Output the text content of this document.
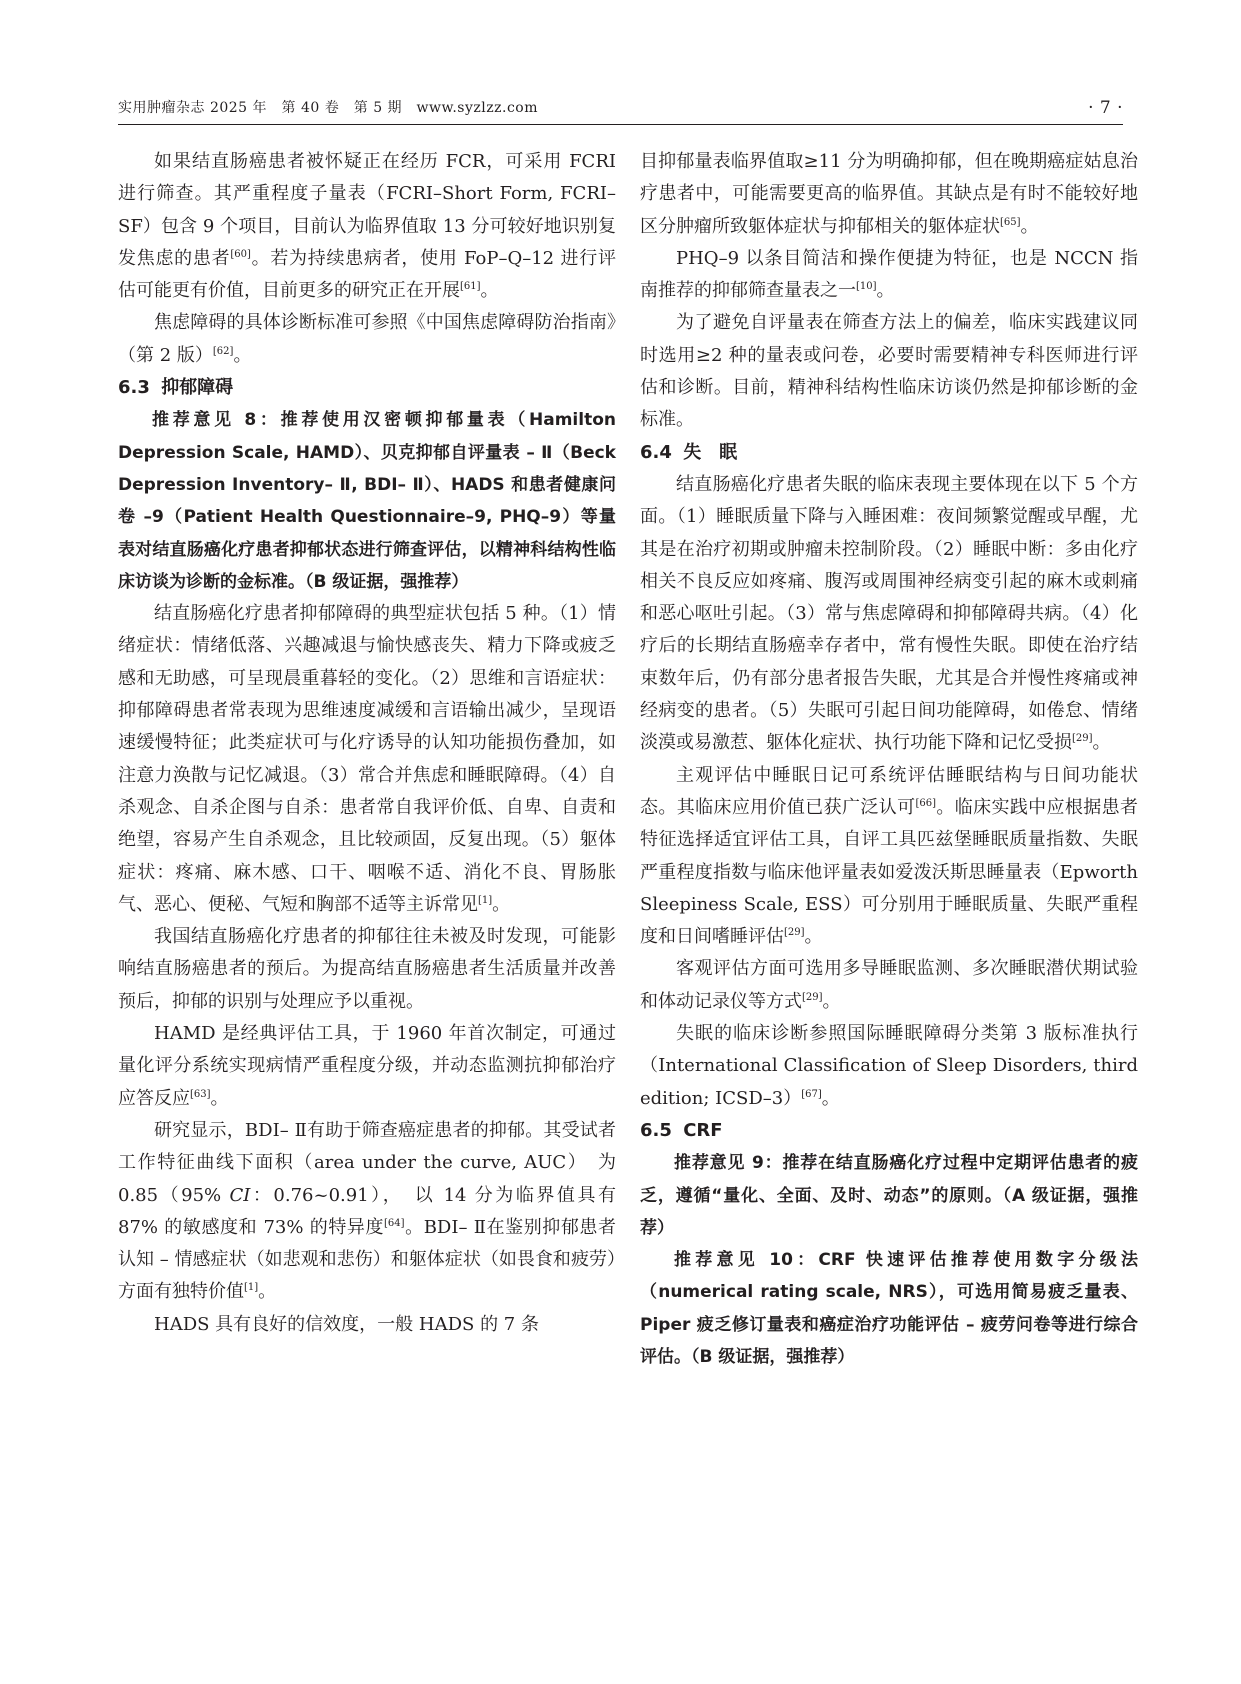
实用肿瘤杂志 2025 年　第 40 卷　第 5 期　www.syzlzz.com	· 7 ·

如果结直肠癌患者被怀疑正在经历 FCR，可采用 FCRI 进行筛查。其严重程度子量表（FCRI–Short Form, FCRI–SF）包含 9 个项目，目前认为临界值取 13 分可较好地识别复发焦虑的患者[60]。若为持续患病者，使用 FoP–Q–12 进行评估可能更有价值，目前更多的研究正在开展[61]。

焦虑障碍的具体诊断标准可参照《中国焦虑障碍防治指南》（第 2 版）[62]。

6.3 抑郁障碍

推荐意见 8：推荐使用汉密顿抑郁量表（Hamilton Depression Scale, HAMD）、贝克抑郁自评量表 – Ⅱ（Beck Depression Inventory– Ⅱ, BDI– Ⅱ）、HADS 和患者健康问卷 –9（Patient Health Questionnaire–9, PHQ–9）等量表对结直肠癌化疗患者抑郁状态进行筛查评估，以精神科结构性临床访谈为诊断的金标准。（B 级证据，强推荐）

结直肠癌化疗患者抑郁障碍的典型症状包括 5 种。（1）情绪症状：情绪低落、兴趣减退与愉快感丧失、精力下降或疲乏感和无助感，可呈现晨重暮轻的变化。（2）思维和言语症状：抑郁障碍患者常表现为思维速度减缓和言语输出减少，呈现语速缓慢特征；此类症状可与化疗诱导的认知功能损伤叠加，如注意力涣散与记忆减退。（3）常合并焦虑和睡眠障碍。（4）自杀观念、自杀企图与自杀：患者常自我评价低、自卑、自责和绝望，容易产生自杀观念，且比较顽固，反复出现。（5）躯体症状：疼痛、麻木感、口干、咽喉不适、消化不良、胃肠胀气、恶心、便秘、气短和胸部不适等主诉常见[1]。

我国结直肠癌化疗患者的抑郁往往未被及时发现，可能影响结直肠癌患者的预后。为提高结直肠癌患者生活质量并改善预后，抑郁的识别与处理应予以重视。

HAMD 是经典评估工具，于 1960 年首次制定，可通过量化评分系统实现病情严重程度分级，并动态监测抗抑郁治疗应答反应[63]。

研究显示，BDI– Ⅱ有助于筛查癌症患者的抑郁。其受试者工作特征曲线下面积（area under the curve, AUC）　为 0.85（95% CI：0.76~0.91），　以 14 分为临界值具有 87% 的敏感度和 73% 的特异度[64]。BDI– Ⅱ在鉴别抑郁患者认知 – 情感症状（如悲观和悲伤）和躯体症状（如畏食和疲劳）方面有独特价值[1]。

HADS 具有良好的信效度，一般 HADS 的 7 条

目抑郁量表临界值取≥11 分为明确抑郁，但在晚期癌症姑息治疗患者中，可能需要更高的临界值。其缺点是有时不能较好地区分肿瘤所致躯体症状与抑郁相关的躯体症状[65]。

PHQ–9 以条目简洁和操作便捷为特征，也是 NCCN 指南推荐的抑郁筛查量表之一[10]。

为了避免自评量表在筛查方法上的偏差，临床实践建议同时选用≥2 种的量表或问卷，必要时需要精神专科医师进行评估和诊断。目前，精神科结构性临床访谈仍然是抑郁诊断的金标准。

6.4 失　眠

结直肠癌化疗患者失眠的临床表现主要体现在以下 5 个方面。（1）睡眠质量下降与入睡困难：夜间频繁觉醒或早醒，尤其是在治疗初期或肿瘤未控制阶段。（2）睡眠中断：多由化疗相关不良反应如疼痛、腹泻或周围神经病变引起的麻木或刺痛和恶心呕吐引起。（3）常与焦虑障碍和抑郁障碍共病。（4）化疗后的长期结直肠癌幸存者中，常有慢性失眠。即使在治疗结束数年后，仍有部分患者报告失眠，尤其是合并慢性疼痛或神经病变的患者。（5）失眠可引起日间功能障碍，如倦怠、情绪淡漠或易激惹、躯体化症状、执行功能下降和记忆受损[29]。

主观评估中睡眠日记可系统评估睡眠结构与日间功能状态。其临床应用价值已获广泛认可[66]。临床实践中应根据患者特征选择适宜评估工具，自评工具匹兹堡睡眠质量指数、失眠严重程度指数与临床他评量表如爱泼沃斯思睡量表（Epworth Sleepiness Scale, ESS）可分别用于睡眠质量、失眠严重程度和日间嗜睡评估[29]。

客观评估方面可选用多导睡眠监测、多次睡眠潜伏期试验和体动记录仪等方式[29]。

失眠的临床诊断参照国际睡眠障碍分类第 3 版标准执行（International Classification of Sleep Disorders, third edition; ICSD–3）[67]。

6.5 CRF

推荐意见 9：推荐在结直肠癌化疗过程中定期评估患者的疲乏，遵循“量化、全面、及时、动态”的原则。（A 级证据，强推荐）

推荐意见 10：CRF 快速评估推荐使用数字分级法（numerical rating scale, NRS），可选用简易疲乏量表、Piper 疲乏修订量表和癌症治疗功能评估 – 疲劳问卷等进行综合评估。（B 级证据，强推荐）
